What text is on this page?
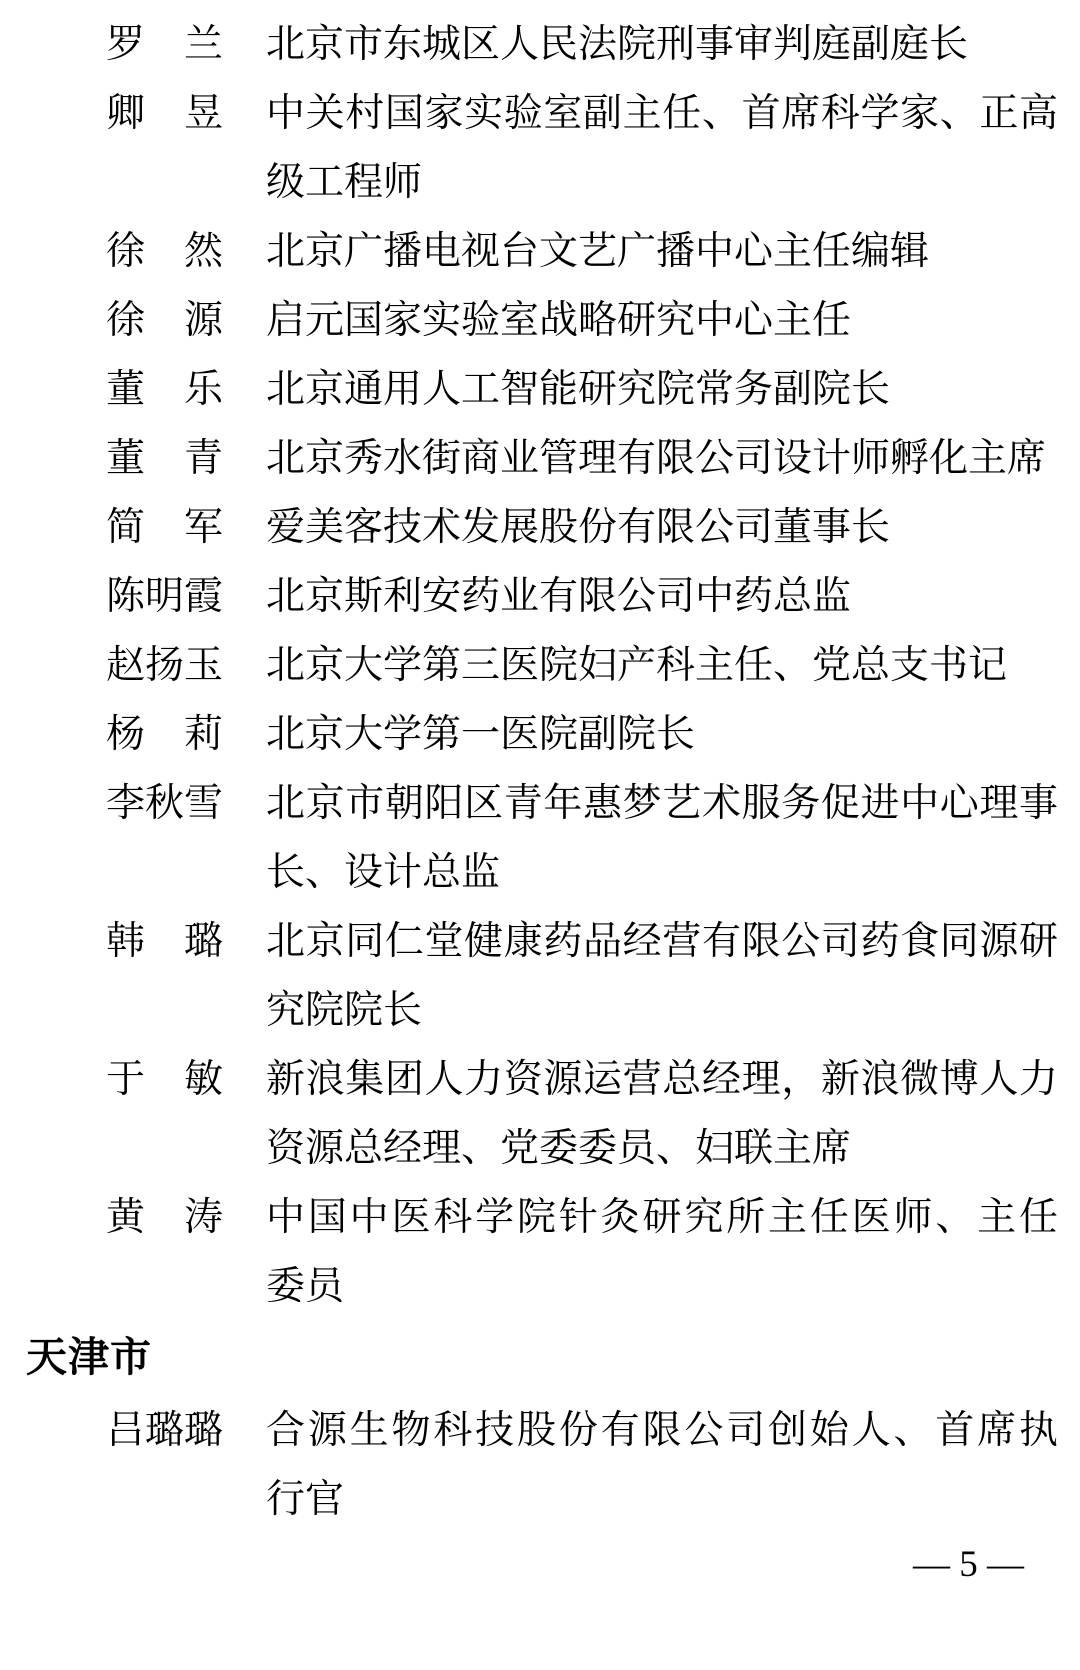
罗　兰 北京市东城区人民法院刑事审判庭副庭长
卿　昱 中关村国家实验室副主任、首席科学家、正高
级工程师
徐　然 北京广播电视台文艺广播中心主任编辑
徐　源 启元国家实验室战略研究中心主任
董　乐 北京通用人工智能研究院常务副院长
董　青 北京秀水街商业管理有限公司设计师孵化主席
简　军 爱美客技术发展股份有限公司董事长
陈明霞 北京斯利安药业有限公司中药总监
赵扬玉 北京大学第三医院妇产科主任、党总支书记
杨　莉 北京大学第一医院副院长
李秋雪 北京市朝阳区青年惠梦艺术服务促进中心理事
长、设计总监
韩　璐 北京同仁堂健康药品经营有限公司药食同源研
究院院长
于　敏 新浪集团人力资源运营总经理，新浪微博人力
资源总经理、党委委员、妇联主席
黄　涛 中国中医科学院针灸研究所主任医师、主任
委员
天津市
吕璐璐 合源生物科技股份有限公司创始人、首席执
行官
— 5 —
